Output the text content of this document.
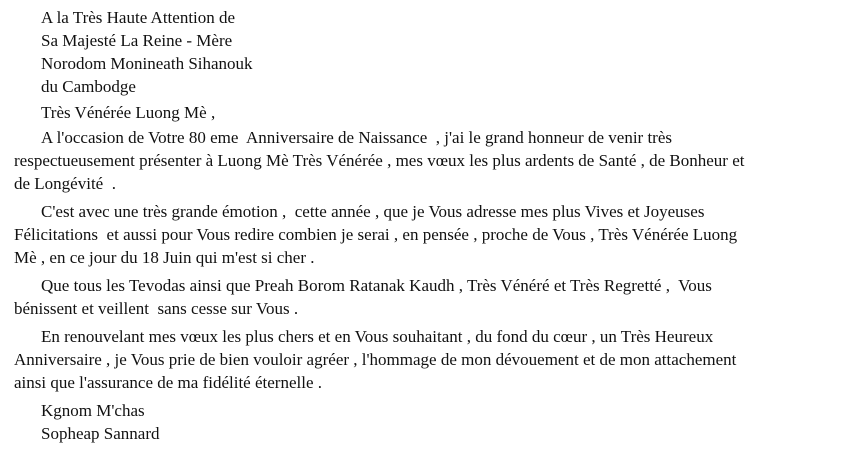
A la Très Haute Attention de
Sa Majesté La Reine - Mère
Norodom Monineath Sihanouk
du Cambodge
Très Vénérée Luong Mè ,
A l'occasion de Votre 80 eme  Anniversaire de Naissance  , j'ai le grand honneur de venir très
respectueusement présenter à Luong Mè Très Vénérée , mes vœux les plus ardents de Santé , de Bonheur et
de Longévité  .
C'est avec une très grande émotion ,  cette année , que je Vous adresse mes plus Vives et Joyeuses
Félicitations  et aussi pour Vous redire combien je serai , en pensée , proche de Vous , Très Vénérée Luong
Mè , en ce jour du 18 Juin qui m'est si cher .
Que tous les Tevodas ainsi que Preah Borom Ratanak Kaudh , Très Vénéré et Très Regretté ,  Vous
bénissent et veillent  sans cesse sur Vous .
En renouvelant mes vœux les plus chers et en Vous souhaitant , du fond du cœur , un Très Heureux
Anniversaire , je Vous prie de bien vouloir agréer , l'hommage de mon dévouement et de mon attachement
ainsi que l'assurance de ma fidélité éternelle .
Kgnom M'chas
Sopheap Sannard
